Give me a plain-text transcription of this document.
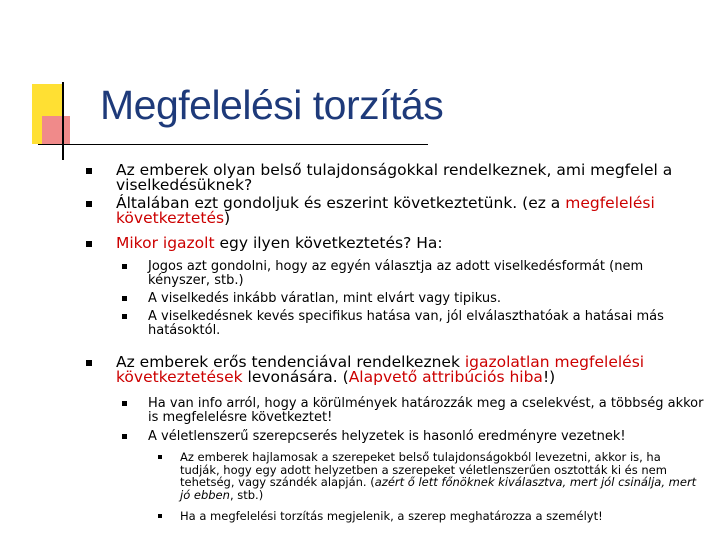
Megfelelési torzítás
Az emberek olyan belső tulajdonságokkal rendelkeznek, ami megfelel a viselkedésüknek?
Általában ezt gondoljuk és eszerint következtetünk. (ez a megfelelési következtetés)
Mikor igazolt egy ilyen következtetés? Ha:
Jogos azt gondolni, hogy az egyén választja az adott viselkedésformát (nem kényszer, stb.)
A viselkedés inkább váratlan, mint elvárt vagy tipikus.
A viselkedésnek kevés specifikus hatása van, jól elválaszthatóak a hatásai más hatásoktól.
Az emberek erős tendenciával rendelkeznek igazolatlan megfelelési következtetések levonására. (Alapvető attribúciós hiba!)
Ha van info arról, hogy a körülmények határozzák meg a cselekvést, a többség akkor is megfelelésre következtet!
A véletlenszerű szerepcserés helyzetek is hasonló eredményre vezetnek!
Az emberek hajlamosak a szerepeket belső tulajdonságokból levezetni, akkor is, ha tudják, hogy egy adott helyzetben a szerepeket véletlenszerűen osztották ki és nem tehetség, vagy szándék alapján. (azért ő lett főnöknek kiválasztva, mert jól csinálja, mert jó ebben, stb.)
Ha a megfelelési torzítás megjelenik, a szerep meghatározza a személyt!
